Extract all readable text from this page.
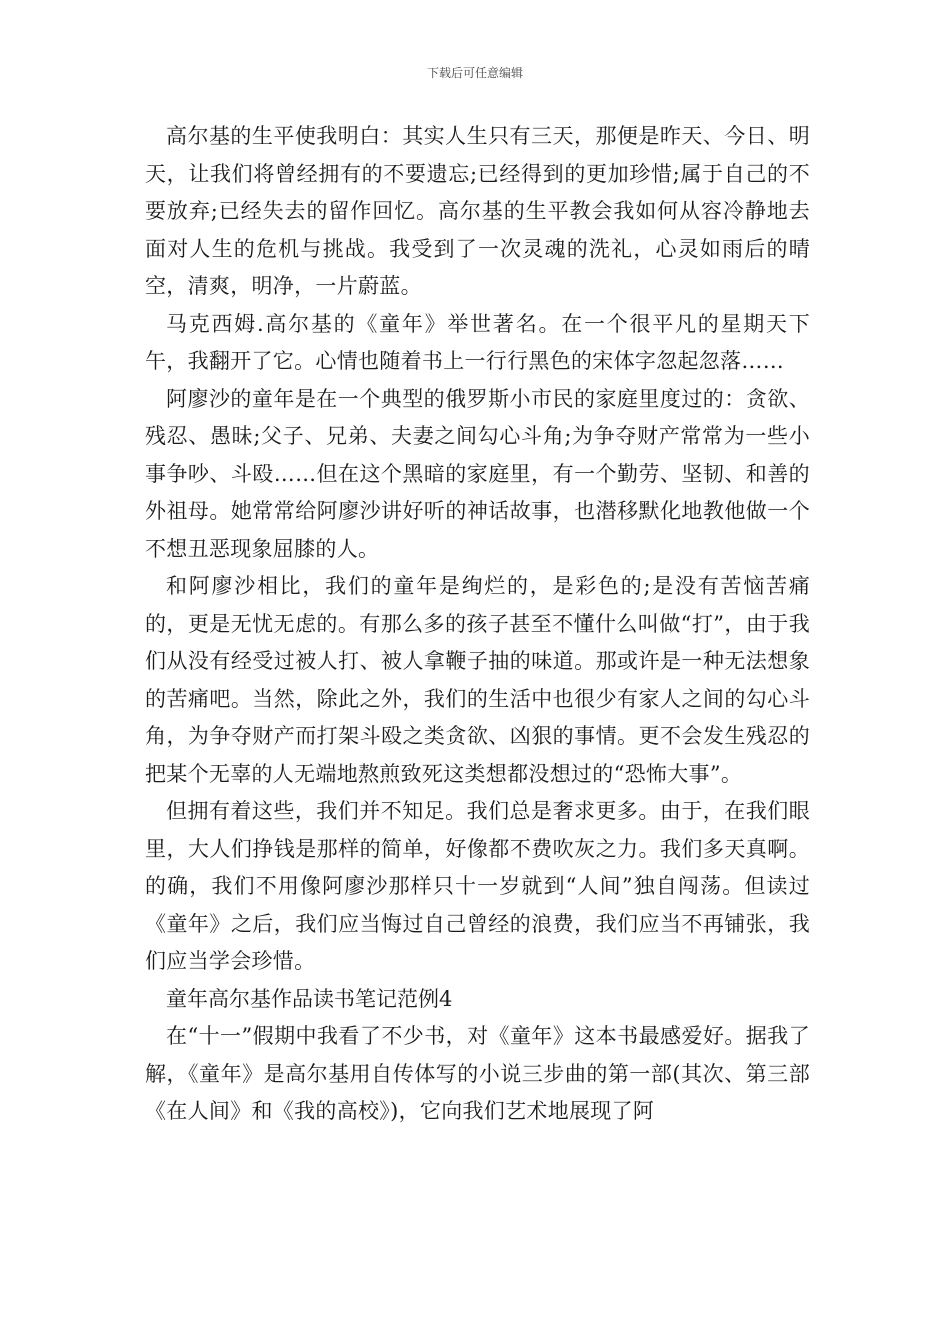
下载后可任意编辑

高尔基的生平使我明白：其实人生只有三天，那便是昨天、今日、明天，让我们将曾经拥有的不要遗忘;已经得到的更加珍惜;属于自己的不要放弃;已经失去的留作回忆。高尔基的生平教会我如何从容冷静地去面对人生的危机与挑战。我受到了一次灵魂的洗礼，心灵如雨后的晴空，清爽，明净，一片蔚蓝。

马克西姆.高尔基的《童年》举世著名。在一个很平凡的星期天下午，我翻开了它。心情也随着书上一行行黑色的宋体字忽起忽落……

阿廖沙的童年是在一个典型的俄罗斯小市民的家庭里度过的：贪欲、残忍、愚昧;父子、兄弟、夫妻之间勾心斗角;为争夺财产常常为一些小事争吵、斗殴……但在这个黑暗的家庭里，有一个勤劳、坚韧、和善的外祖母。她常常给阿廖沙讲好听的神话故事，也潜移默化地教他做一个不想丑恶现象屈膝的人。

和阿廖沙相比，我们的童年是绚烂的，是彩色的;是没有苦恼苦痛的，更是无忧无虑的。有那么多的孩子甚至不懂什么叫做“打”，由于我们从没有经受过被人打、被人拿鞭子抽的味道。那或许是一种无法想象的苦痛吧。当然，除此之外，我们的生活中也很少有家人之间的勾心斗角，为争夺财产而打架斗殴之类贪欲、凶狠的事情。更不会发生残忍的把某个无辜的人无端地熬煎致死这类想都没想过的“恐怖大事”。

但拥有着这些，我们并不知足。我们总是奢求更多。由于，在我们眼里，大人们挣钱是那样的简单，好像都不费吹灰之力。我们多天真啊。的确，我们不用像阿廖沙那样只十一岁就到“人间”独自闯荡。但读过《童年》之后，我们应当悔过自己曾经的浪费，我们应当不再铺张，我们应当学会珍惜。

童年高尔基作品读书笔记范例4

在“十一”假期中我看了不少书，对《童年》这本书最感爱好。据我了解，《童年》是高尔基用自传体写的小说三步曲的第一部(其次、第三部《在人间》和《我的高校》)，它向我们艺术地展现了阿
